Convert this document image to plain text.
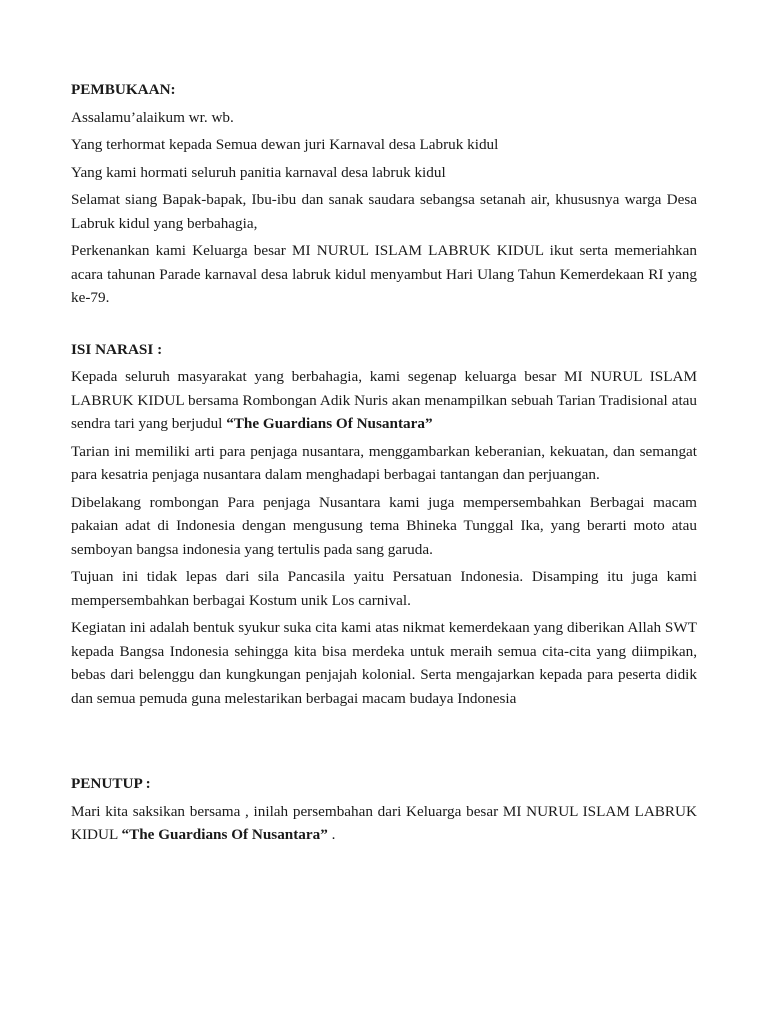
PEMBUKAAN:

Assalamu’alaikum wr. wb.

Yang terhormat kepada Semua dewan juri Karnaval desa Labruk kidul

Yang kami hormati seluruh panitia karnaval desa labruk kidul

Selamat siang Bapak-bapak, Ibu-ibu dan sanak saudara sebangsa setanah air, khususnya warga Desa Labruk kidul yang berbahagia,

Perkenankan kami Keluarga besar MI NURUL ISLAM LABRUK KIDUL ikut serta memeriahkan acara tahunan Parade karnaval desa labruk kidul menyambut Hari Ulang Tahun Kemerdekaan RI yang ke-79.

ISI NARASI :

Kepada seluruh masyarakat yang berbahagia, kami segenap keluarga besar MI NURUL ISLAM LABRUK KIDUL bersama Rombongan Adik Nuris akan menampilkan sebuah Tarian Tradisional atau sendra tari yang berjudul “The Guardians Of Nusantara”

Tarian ini memiliki arti para penjaga nusantara, menggambarkan keberanian, kekuatan, dan semangat para kesatria penjaga nusantara dalam menghadapi berbagai tantangan dan perjuangan.

Dibelakang rombongan Para penjaga Nusantara kami juga mempersembahkan Berbagai macam pakaian adat di Indonesia dengan mengusung tema Bhineka Tunggal Ika, yang berarti moto atau semboyan bangsa indonesia yang tertulis pada sang garuda.

Tujuan ini tidak lepas dari sila Pancasila yaitu Persatuan Indonesia. Disamping itu juga kami mempersembahkan berbagai Kostum unik Los carnival.

Kegiatan ini adalah bentuk syukur suka cita kami atas nikmat kemerdekaan yang diberikan Allah SWT kepada Bangsa Indonesia sehingga kita bisa merdeka untuk meraih semua cita-cita yang diimpikan, bebas dari belenggu dan kungkungan penjajah kolonial. Serta mengajarkan kepada para peserta didik dan semua pemuda guna melestarikan berbagai macam budaya Indonesia

PENUTUP :

Mari kita saksikan bersama , inilah persembahan dari Keluarga besar MI NURUL ISLAM LABRUK KIDUL “The Guardians Of Nusantara” .
